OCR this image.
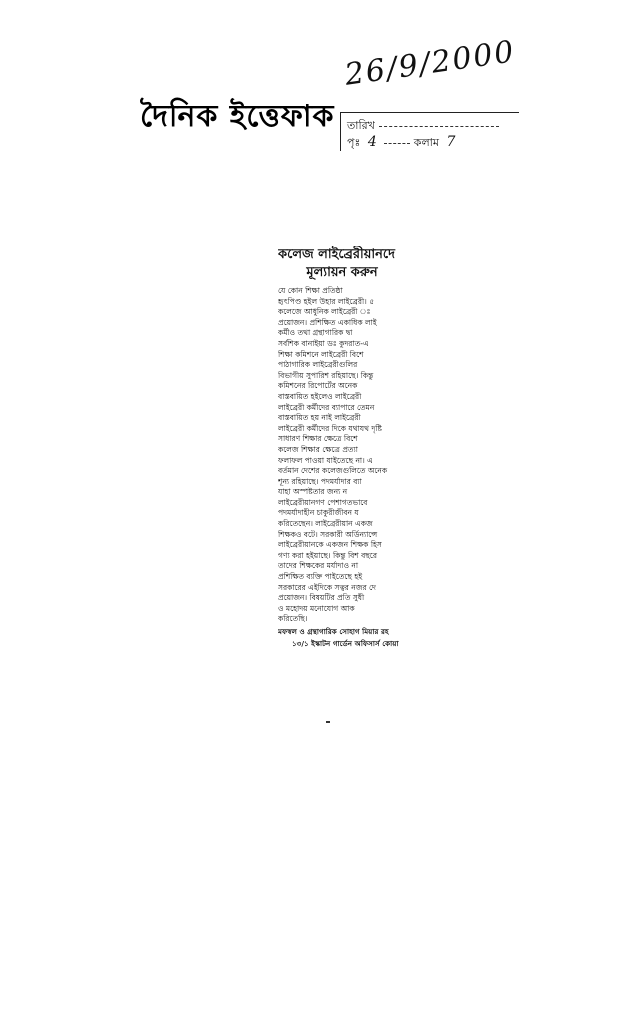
দৈনিক ইত্তেফাক
26/9/2000
তারিখ
পৃঃ 4	কলাম 7
কলেজ লাইব্রেরীয়ানদে
মূল্যায়ন করুন
যে কোন শিক্ষা প্রতিষ্ঠা
হৃৎপিণ্ড হইল উহার লাইব্রেরী। ৫
কলেজে আধুনিক লাইব্রেরী ঃ
প্রয়োজন। প্রশিক্ষিত একাধিক লাই
কর্মীও তথা গ্রন্থাগারিক দ্বা
সর্বশিক বানাইয়া ডঃ কুদরাত-এ
শিক্ষা কমিশনে লাইব্রেরী বিশে
পাঠাগারিক লাইব্রেরীগুলির
বিভাগীয় সুপারিশ রহিয়াছে। কিন্তু
কমিশনের রিপোর্টের অনেক
বাস্তবায়িত হইলেও লাইব্রেরী
লাইব্রেরী কর্মীদের ব্যাপারে তেমন
বাস্তবায়িত হয় নাই লাইব্রেরী
লাইব্রেরী কর্মীদের দিকে যথাযথ দৃষ্টি
সাধারণ শিক্ষার ক্ষেত্রে বিশে
কলেজ শিক্ষার ক্ষেত্রে প্রত্যা
ফলাফল পাওয়া যাইতেছে না। এ
বর্তমান দেশের কলেজগুলিতে অনেক
শূন্য রহিয়াছে। পদমর্যাদার ব্যা
যাহা অস্পষ্টতার জন্য ন
লাইব্রেরীয়ানগণ পেশাগতভাবে
পদমর্যাদাহীন চাকুরীজীবন য
করিতেছেন। লাইব্রেরীয়ান একজ
শিক্ষকও বটে। সরকারী অর্ডিন্যান্সে
লাইব্রেরীয়ানকে একজন শিক্ষক হিস
গণ্য করা হইয়াছে। কিন্তু বিশ বছরে
তাদের শিক্ষকের মর্যাদাও না
প্রশিক্ষিত ব্যক্তি পাইতেছে হই
সরকারের এইদিকে সত্বর নজর দে
প্রয়োজন। বিষয়টির প্রতি সুধী
ও মহোদয় মনোযোগ আক
করিতেছি।
মফস্বল ও গ্রন্থাগারিক সোহাগ মিয়ার রহ
১৩/১ ইস্কাটন গার্ডেন অফিসার্স কোয়া
